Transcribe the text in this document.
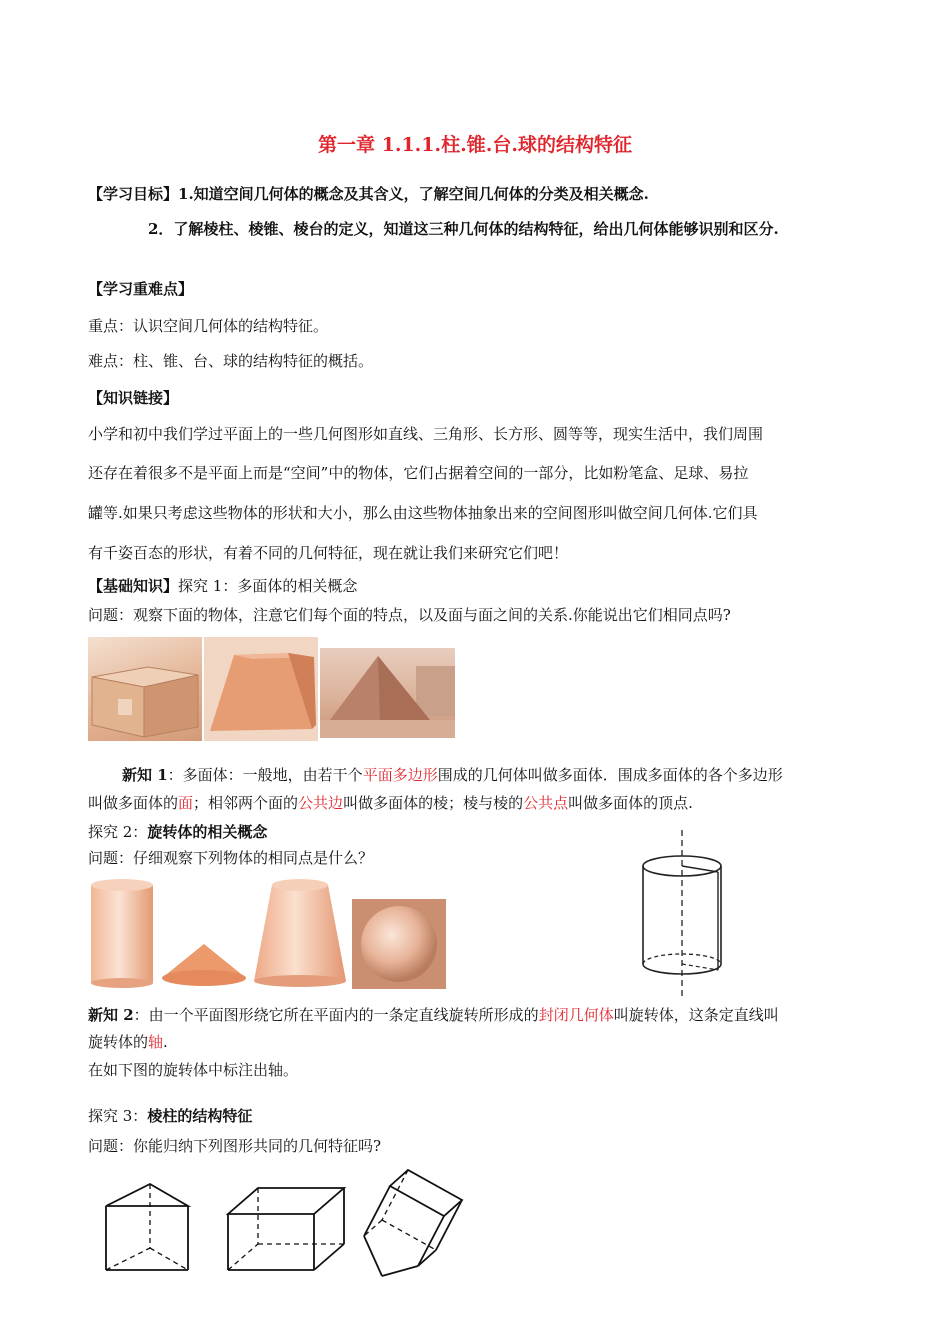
第一章 1.1.1.柱.锥.台.球的结构特征
【学习目标】1.知道空间几何体的概念及其含义，了解空间几何体的分类及相关概念.
2．了解棱柱、棱锥、棱台的定义，知道这三种几何体的结构特征，给出几何体能够识别和区分.
【学习重难点】
重点：认识空间几何体的结构特征。
难点：柱、锥、台、球的结构特征的概括。
【知识链接】
小学和初中我们学过平面上的一些几何图形如直线、三角形、长方形、圆等等，现实生活中，我们周围
还存在着很多不是平面上而是“空间”中的物体，它们占据着空间的一部分，比如粉笔盒、足球、易拉
罐等.如果只考虑这些物体的形状和大小，那么由这些物体抽象出来的空间图形叫做空间几何体.它们具
有千姿百态的形状，有着不同的几何特征，现在就让我们来研究它们吧！
【基础知识】探究 1：多面体的相关概念
问题：观察下面的物体，注意它们每个面的特点，以及面与面之间的关系.你能说出它们相同点吗?
新知 1：多面体：一般地，由若干个平面多边形围成的几何体叫做多面体．围成多面体的各个多边形
叫做多面体的面；相邻两个面的公共边叫做多面体的棱；棱与棱的公共点叫做多面体的顶点.
探究 2：旋转体的相关概念
问题：仔细观察下列物体的相同点是什么？
新知 2：由一个平面图形绕它所在平面内的一条定直线旋转所形成的封闭几何体叫旋转体，这条定直线叫
旋转体的轴.
在如下图的旋转体中标注出轴。
探究 3：棱柱的结构特征
问题：你能归纳下列图形共同的几何特征吗?
